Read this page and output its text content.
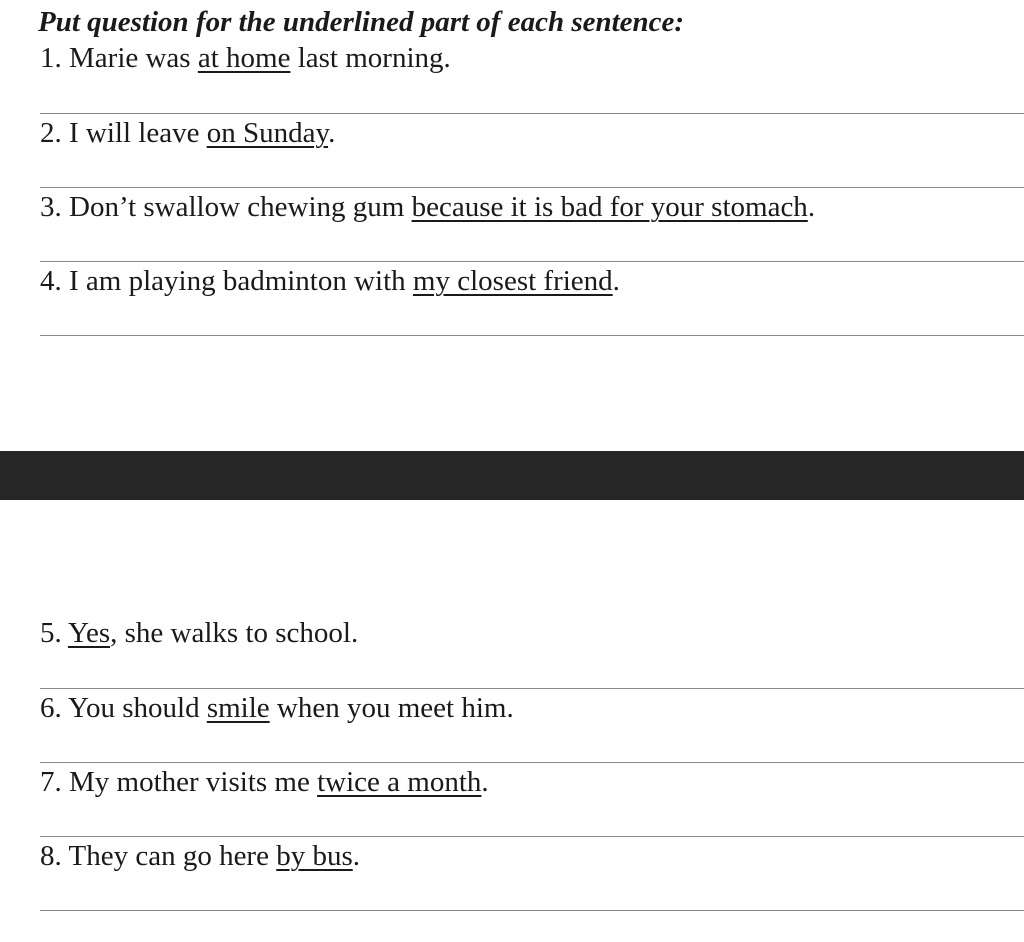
Put question for the underlined part of each sentence:
1. Marie was at home last morning.
2. I will leave on Sunday.
3. Don’t swallow chewing gum because it is bad for your stomach.
4. I am playing badminton with my closest friend.
5. Yes, she walks to school.
6. You should smile when you meet him.
7. My mother visits me twice a month.
8. They can go here by bus.
